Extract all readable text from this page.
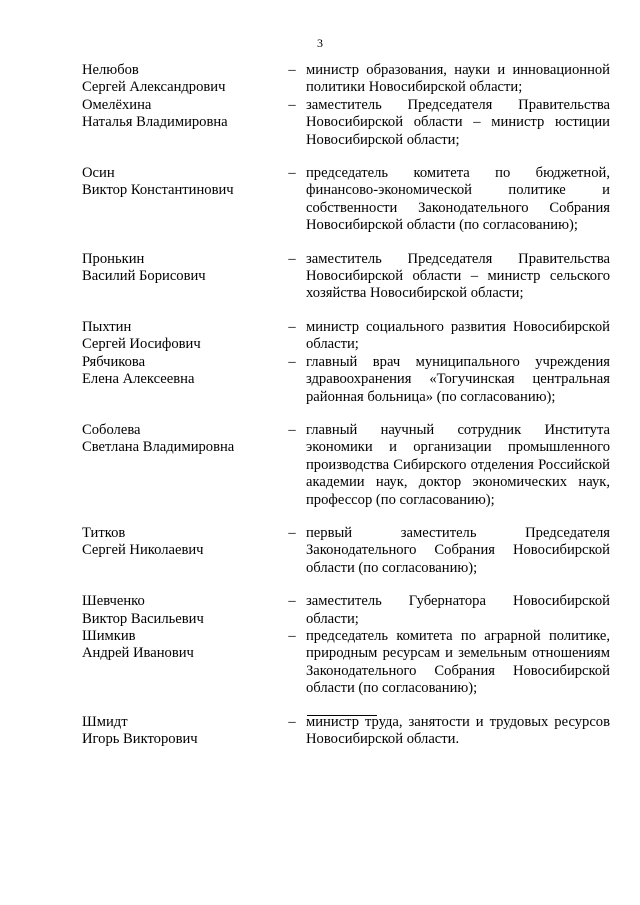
3
Нелюбов
Сергей Александрович
– министр образования, науки и инновационной политики Новосибирской области;
Омелёхина
Наталья Владимировна
– заместитель Председателя Правительства Новосибирской области – министр юстиции Новосибирской области;
Осин
Виктор Константинович
– председатель комитета по бюджетной, финансово-экономической политике и собственности Законодательного Собрания Новосибирской области (по согласованию);
Пронькин
Василий Борисович
– заместитель Председателя Правительства Новосибирской области – министр сельского хозяйства Новосибирской области;
Пыхтин
Сергей Иосифович
– министр социального развития Новосибирской области;
Рябчикова
Елена Алексеевна
– главный врач муниципального учреждения здравоохранения «Тогучинская центральная районная больница» (по согласованию);
Соболева
Светлана Владимировна
– главный научный сотрудник Института экономики и организации промышленного производства Сибирского отделения Российской академии наук, доктор экономических наук, профессор (по согласованию);
Титков
Сергей Николаевич
– первый заместитель Председателя Законодательного Собрания Новосибирской области (по согласованию);
Шевченко
Виктор Васильевич
– заместитель Губернатора Новосибирской области;
Шимкив
Андрей Иванович
– председатель комитета по аграрной политике, природным ресурсам и земельным отношениям Законодательного Собрания Новосибирской области (по согласованию);
Шмидт
Игорь Викторович
– министр труда, занятости и трудовых ресурсов Новосибирской области.
